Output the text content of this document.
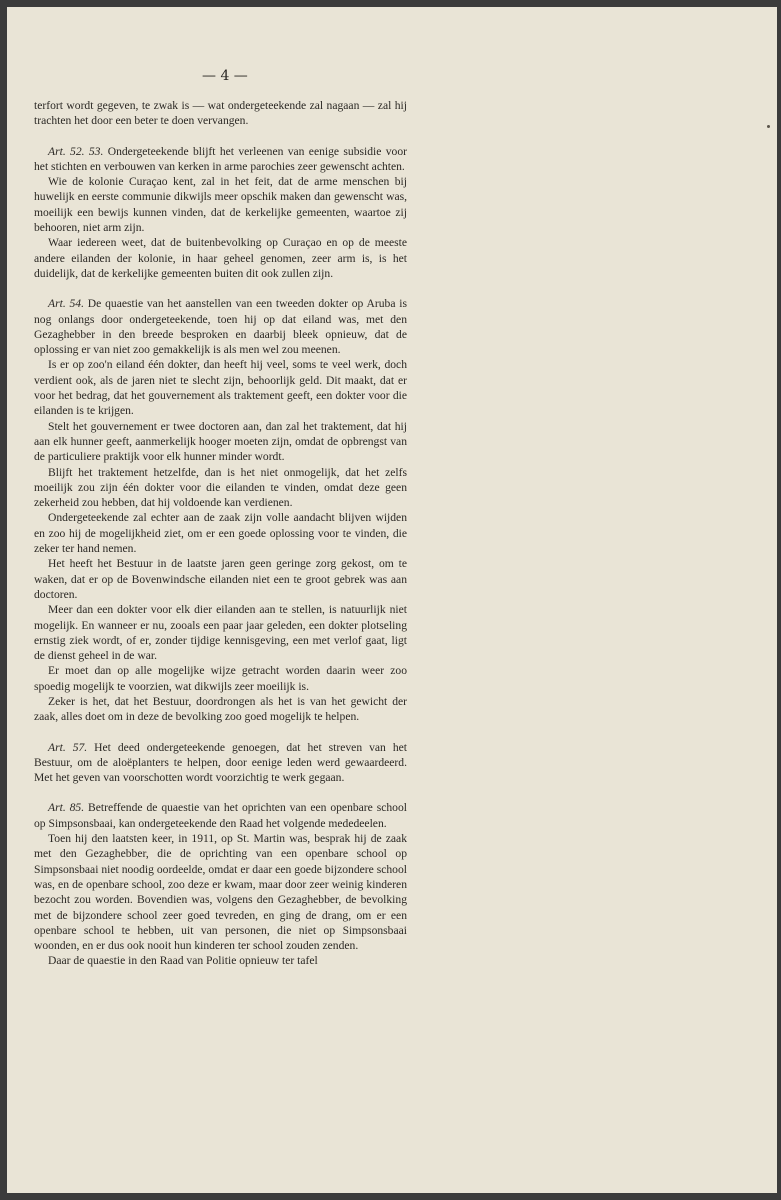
— 4 —

terfort wordt gegeven, te zwak is — wat ondergeteekende zal nagaan — zal hij trachten het door een beter te doen vervangen.

Art. 52. 53. Ondergeteekende blijft het verleenen van eenige subsidie voor het stichten en verbouwen van kerken in arme parochies zeer gewenscht achten.

Wie de kolonie Curaçao kent, zal in het feit, dat de arme menschen bij huwelijk en eerste communie dikwijls meer opschik maken dan gewenscht was, moeilijk een bewijs kunnen vinden, dat de kerkelijke gemeenten, waartoe zij behooren, niet arm zijn.

Waar iedereen weet, dat de buitenbevolking op Curaçao en op de meeste andere eilanden der kolonie, in haar geheel genomen, zeer arm is, is het duidelijk, dat de kerkelijke gemeenten buiten dit ook zullen zijn.

Art. 54. De quaestie van het aanstellen van een tweeden dokter op Aruba is nog onlangs door ondergeteekende, toen hij op dat eiland was, met den Gezaghebber in den breede besproken en daarbij bleek opnieuw, dat de oplossing er van niet zoo gemakkelijk is als men wel zou meenen.

Is er op zoo'n eiland één dokter, dan heeft hij veel, soms te veel werk, doch verdient ook, als de jaren niet te slecht zijn, behoorlijk geld. Dit maakt, dat er voor het bedrag, dat het gouvernement als traktement geeft, een dokter voor die eilanden is te krijgen.

Stelt het gouvernement er twee doctoren aan, dan zal het traktement, dat hij aan elk hunner geeft, aanmerkelijk hooger moeten zijn, omdat de opbrengst van de particuliere praktijk voor elk hunner minder wordt.

Blijft het traktement hetzelfde, dan is het niet onmogelijk, dat het zelfs moeilijk zou zijn één dokter voor die eilanden te vinden, omdat deze geen zekerheid zou hebben, dat hij voldoende kan verdienen.

Ondergeteekende zal echter aan de zaak zijn volle aandacht blijven wijden en zoo hij de mogelijkheid ziet, om er een goede oplossing voor te vinden, die zeker ter hand nemen.

Het heeft het Bestuur in de laatste jaren geen geringe zorg gekost, om te waken, dat er op de Bovenwindsche eilanden niet een te groot gebrek was aan doctoren.

Meer dan een dokter voor elk dier eilanden aan te stellen, is natuurlijk niet mogelijk. En wanneer er nu, zooals een paar jaar geleden, een dokter plotseling ernstig ziek wordt, of er, zonder tijdige kennisgeving, een met verlof gaat, ligt de dienst geheel in de war.

Er moet dan op alle mogelijke wijze getracht worden daarin weer zoo spoedig mogelijk te voorzien, wat dikwijls zeer moeilijk is.

Zeker is het, dat het Bestuur, doordrongen als het is van het gewicht der zaak, alles doet om in deze de bevolking zoo goed mogelijk te helpen.

Art. 57. Het deed ondergeteekende genoegen, dat het streven van het Bestuur, om de aloëplanters te helpen, door eenige leden werd gewaardeerd. Met het geven van voorschotten wordt voorzichtig te werk gegaan.

Art. 85. Betreffende de quaestie van het oprichten van een openbare school op Simpsonsbaai, kan ondergeteekende den Raad het volgende mededeelen.

Toen hij den laatsten keer, in 1911, op St. Martin was, besprak hij de zaak met den Gezaghebber, die de oprichting van een openbare school op Simpsonsbaai niet noodig oordeelde, omdat er daar een goede bijzondere school was, en de openbare school, zoo deze er kwam, maar door zeer weinig kinderen bezocht zou worden. Bovendien was, volgens den Gezaghebber, de bevolking met de bijzondere school zeer goed tevreden, en ging de drang, om er een openbare school te hebben, uit van personen, die niet op Simpsonsbaai woonden, en er dus ook nooit hun kinderen ter school zouden zenden.

Daar de quaestie in den Raad van Politie opnieuw ter tafel
